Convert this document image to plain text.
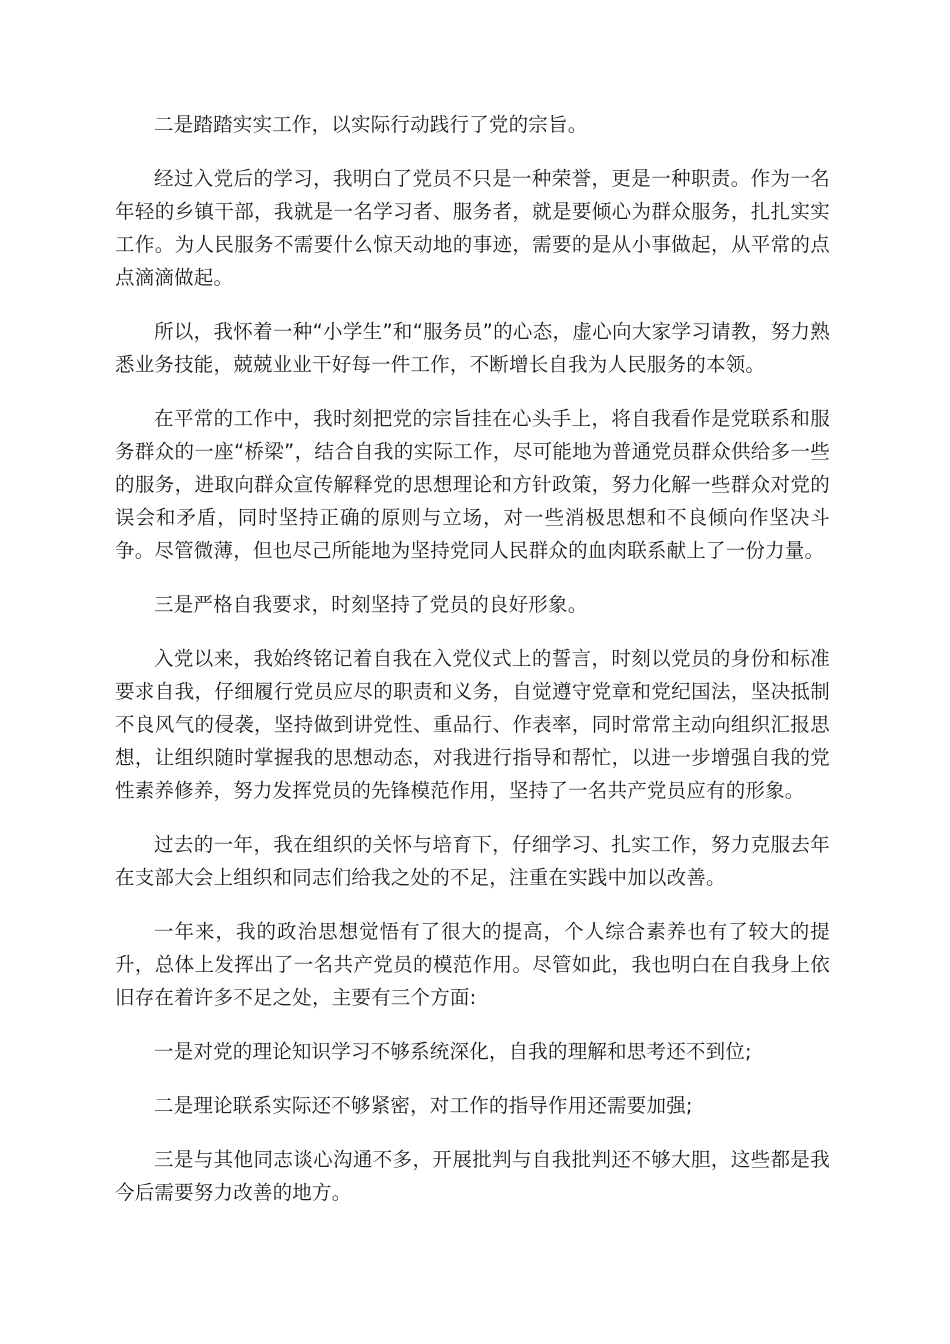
二是踏踏实实工作，以实际行动践行了党的宗旨。

经过入党后的学习，我明白了党员不只是一种荣誉，更是一种职责。作为一名年轻的乡镇干部，我就是一名学习者、服务者，就是要倾心为群众服务，扎扎实实工作。为人民服务不需要什么惊天动地的事迹，需要的是从小事做起，从平常的点点滴滴做起。

所以，我怀着一种“小学生”和“服务员”的心态，虚心向大家学习请教，努力熟悉业务技能，兢兢业业干好每一件工作，不断增长自我为人民服务的本领。

在平常的工作中，我时刻把党的宗旨挂在心头手上，将自我看作是党联系和服务群众的一座“桥梁”，结合自我的实际工作，尽可能地为普通党员群众供给多一些的服务，进取向群众宣传解释党的思想理论和方针政策，努力化解一些群众对党的误会和矛盾，同时坚持正确的原则与立场，对一些消极思想和不良倾向作坚决斗争。尽管微薄，但也尽己所能地为坚持党同人民群众的血肉联系献上了一份力量。

三是严格自我要求，时刻坚持了党员的良好形象。

入党以来，我始终铭记着自我在入党仪式上的誓言，时刻以党员的身份和标准要求自我，仔细履行党员应尽的职责和义务，自觉遵守党章和党纪国法，坚决抵制不良风气的侵袭，坚持做到讲党性、重品行、作表率，同时常常主动向组织汇报思想，让组织随时掌握我的思想动态，对我进行指导和帮忙，以进一步增强自我的党性素养修养，努力发挥党员的先锋模范作用，坚持了一名共产党员应有的形象。

过去的一年，我在组织的关怀与培育下，仔细学习、扎实工作，努力克服去年在支部大会上组织和同志们给我之处的不足，注重在实践中加以改善。

一年来，我的政治思想觉悟有了很大的提高，个人综合素养也有了较大的提升，总体上发挥出了一名共产党员的模范作用。尽管如此，我也明白在自我身上依旧存在着许多不足之处，主要有三个方面:

一是对党的理论知识学习不够系统深化，自我的理解和思考还不到位;

二是理论联系实际还不够紧密，对工作的指导作用还需要加强;

三是与其他同志谈心沟通不多，开展批判与自我批判还不够大胆，这些都是我今后需要努力改善的地方。
